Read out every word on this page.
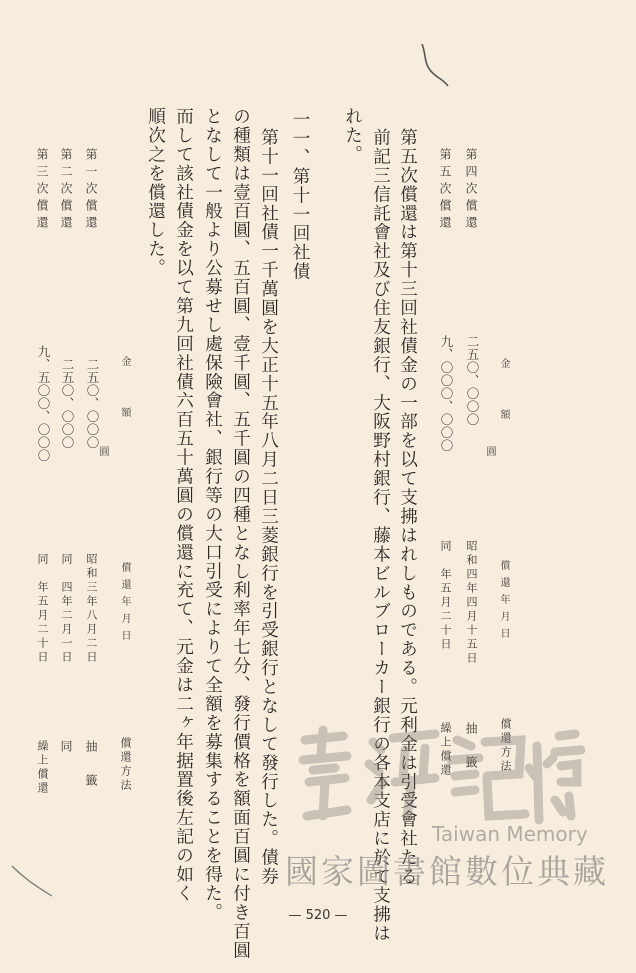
金　　額
圓
償還年月日
償還方法
第四次償還
二五〇、〇〇〇
昭和四年四月十五日
抽　籤
第五次償還
九、〇〇〇、〇〇〇
同　年五月二十日
繰上償還
第五次償還は第十三回社債金の一部を以て支拂はれしものである。元利金は引受會社たる
前記三信託會社及び住友銀行、大阪野村銀行、藤本ビルブローカー銀行の各本支店に於て支拂は
れた。
一一、第十一回社債
第十一回社債一千萬圓を大正十五年八月二日三菱銀行を引受銀行となして發行した。債券
の種類は壹百圓、五百圓、壹千圓、五千圓の四種となし利率年七分、發行價格を額面百圓に付き百圓
となして一般より公募せし處保險會社、銀行等の大口引受によりて全額を募集することを得た。
而して該社債金を以て第九回社債六百五十萬圓の償還に充て、元金は二ヶ年据置後左記の如く
順次之を償還した。
金　　額
圓
償還年月日
償還方法
第一次償還
二五〇、〇〇〇
昭和三年八月二日
抽　籤
第二次償還
二五〇、〇〇〇
同　四年二月一日
同
第三次償還
九、五〇〇、〇〇〇
同　年五月二十日
繰上償還
— 520 —
Taiwan Memory
國家圖書館數位典藏
